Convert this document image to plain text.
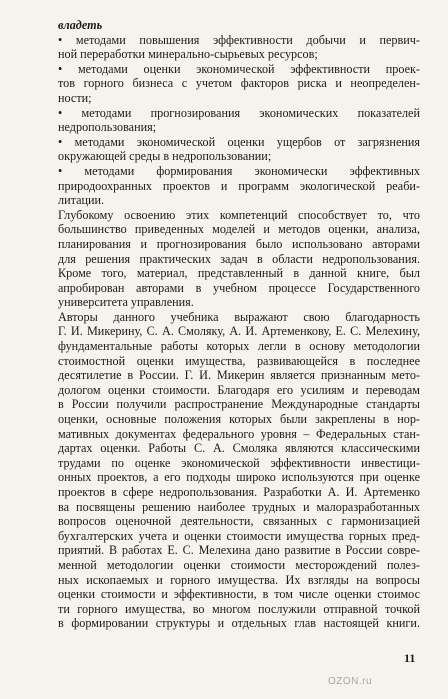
владеть
• методами повышения эффективности добычи и первич-
ной переработки минерально-сырьевых ресурсов;
• методами оценки экономической эффективности проек-
тов горного бизнеса с учетом факторов риска и неопределен-
ности;
• методами прогнозирования экономических показателей
недропользования;
• методами экономической оценки ущербов от загрязнения
окружающей среды в недропользовании;
• методами формирования экономически эффективных
природоохранных проектов и программ экологической реаби-
литации.
Глубокому освоению этих компетенций способствует то, что
большинство приведенных моделей и методов оценки, анализа,
планирования и прогнозирования было использовано авторами
для решения практических задач в области недропользования.
Кроме того, материал, представленный в данной книге, был
апробирован авторами в учебном процессе Государственного
университета управления.
Авторы данного учебника выражают свою благодарность
Г. И. Микерину, С. А. Смоляку, А. И. Артеменкову, Е. С. Мелехину,
фундаментальные работы которых легли в основу методологии
стоимостной оценки имущества, развивающейся в последнее
десятилетие в России. Г. И. Микерин является признанным мето-
дологом оценки стоимости. Благодаря его усилиям и переводам
в России получили распространение Международные стандарты
оценки, основные положения которых были закреплены в нор-
мативных документах федерального уровня – Федеральных стан-
дартах оценки. Работы С. А. Смоляка являются классическими
трудами по оценке экономической эффективности инвестици-
онных проектов, а его подходы широко используются при оценке
проектов в сфере недропользования. Разработки А. И. Артеменко
ва посвящены решению наиболее трудных и малоразработанных
вопросов оценочной деятельности, связанных с гармонизацией
бухгалтерских учета и оценки стоимости имущества горных пред-
приятий. В работах Е. С. Мелехина дано развитие в России совре-
менной методологии оценки стоимости месторождений полез-
ных ископаемых и горного имущества. Их взгляды на вопросы
оценки стоимости и эффективности, в том числе оценки стоимос
ти горного имущества, во многом послужили отправной точкой
в формировании структуры и отдельных глав настоящей книги.
11
OZON.ru
